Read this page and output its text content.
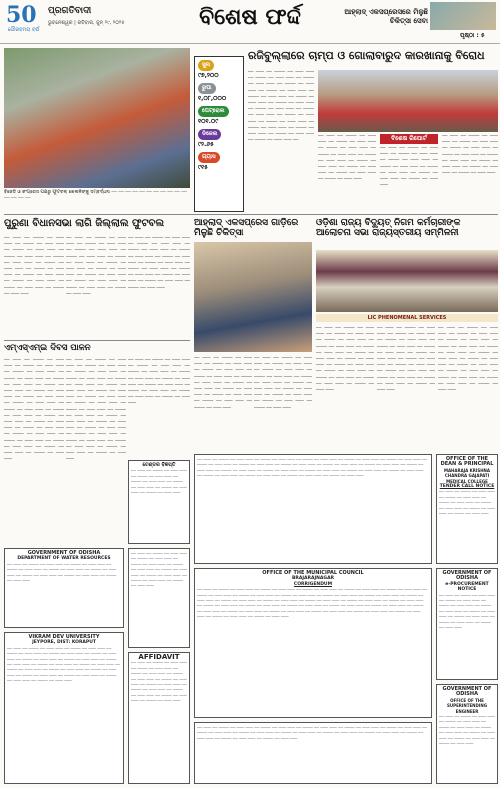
50
ଗୌରବମୟ ବର୍ଷ
ପ୍ରଗତିବାଦୀ
ଭୁବନେଶ୍ୱର | ରବିବାର, ଜୁନ୍ ୨୯, ୨୦୨୫	ବିଶେଷ ଫର୍ଦ୍ଦ	ଆହ୍ଲାଦ୍ ଏକସପ୍ରେସରେ ମିଳୁଛି ଚିକିତ୍ସା ସେବା
ପୃଷ୍ଠା : ୫
ବିଜେଡି ଓ କଂଗ୍ରେସ ପକ୍ଷରୁ ଫୁଟବଲ୍ ଖେଳାଳିଙ୍କୁ ସମ୍ବର୍ଦ୍ଧନା ── ── ── ── ── ── ── ── ── ── ── ── ── ── ──
ସୁନା
୯୭,୨୦୦
ରୁପା
୧,୦୮,୦୦୦
ପେଟ୍ରୋଲ
୧୦୧.୦୯
ଡିଜେଲ
୯୨.୬୫
ଗ୍ୟାସ
୯୧୫
ରଜିବୁଲ୍ଲାରେ ଚାମ୍ପ ଓ ଗୋଲାବାରୁଦ କାରଖାନାକୁ ବିରୋଧ
── ─── ── ──── ── ─── ─── ── ──── ── ─── ─── ── ──── ── ─── ─── ── ──── ── ─── ─── ── ──── ── ─── ─── ── ──── ── ─── ─── ── ──── ── ─── ─── ── ──── ── ─── ─── ── ──── ── ─── ─── ── ──── ── ─── ─── ── ──── ── ─── ─── ── ──── ── ─── ─── ── ──── ── ─── ─── ── ──── ── ─── ─── ── ──── ── ─── ─── ── ──── ── ─── ─── ──
── ─── ── ──── ── ─── ─── ── ──── ── ─── ─── ── ──── ── ─── ─── ── ──── ── ─── ─── ── ──── ── ─── ─── ── ──── ── ─── ─── ── ──── ── ─── ─── ── ──── ── ─── ─── ── ──── ── ─── ───
ବିଶେଷ ରିପୋର୍ଟ
── ─── ── ──── ── ─── ─── ── ──── ── ─── ─── ── ──── ── ─── ─── ── ──── ── ─── ─── ── ──── ── ─── ─── ── ──── ── ─── ─── ── ──── ── ─── ───
── ─── ── ──── ── ─── ─── ── ──── ── ─── ─── ── ──── ── ─── ─── ── ──── ── ─── ─── ── ──── ── ─── ─── ── ──── ── ─── ─── ── ──── ── ─── ─── ── ──── ── ─── ───
ପୁରୁଣା ବିଧାନସଭା ଲାଗି ଜିଲ୍ଲାଲ ଫୁଟବଲ
── ─── ── ──── ── ─── ─── ── ──── ── ─── ─── ── ──── ── ─── ─── ── ──── ── ─── ─── ── ──── ── ─── ─── ── ──── ── ─── ─── ── ──── ── ─── ─── ── ──── ── ─── ─── ── ──── ── ─── ─── ── ──── ── ─── ─── ── ──── ── ─── ───
── ─── ── ──── ── ─── ─── ── ──── ── ─── ─── ── ──── ── ─── ─── ── ──── ── ─── ─── ── ──── ── ─── ─── ── ──── ── ─── ─── ── ──── ── ─── ─── ── ──── ── ─── ─── ── ──── ── ─── ─── ── ──── ── ─── ─── ── ──── ── ─── ───
── ─── ── ──── ── ─── ─── ── ──── ── ─── ─── ── ──── ── ─── ─── ── ──── ── ─── ─── ── ──── ── ─── ─── ── ──── ── ─── ─── ── ──── ── ─── ─── ── ──── ── ─── ─── ── ──── ── ─── ─── ── ──── ── ─── ─── ── ──── ── ─── ───
ଆହ୍ଲାଦ୍ ଏକସପ୍ରେସ ଗାଡ଼ିରେ ମିଳୁଛି ଚିକିତ୍ସା
── ─── ── ──── ── ─── ─── ── ──── ── ─── ─── ── ──── ── ─── ─── ── ──── ── ─── ─── ── ──── ── ─── ─── ── ──── ── ─── ─── ── ──── ── ─── ─── ── ──── ── ─── ─── ── ──── ── ─── ─── ── ──── ── ─── ───
── ─── ── ──── ── ─── ─── ── ──── ── ─── ─── ── ──── ── ─── ─── ── ──── ── ─── ─── ── ──── ── ─── ─── ── ──── ── ─── ─── ── ──── ── ─── ─── ── ──── ── ─── ─── ── ──── ── ─── ─── ── ──── ── ─── ───
ଓଡ଼ିଶା ରାଜ୍ୟ ବିଦ୍ୟୁତ୍ ନିଗମ କର୍ମଚାରୀଙ୍କ ଆଲୋଚନା ସଭା ରାଜ୍ୟସ୍ତରୀୟ ସମ୍ମିଳନୀ
LIC PHENOMENAL SERVICES
── ─── ── ──── ── ─── ─── ── ──── ── ─── ─── ── ──── ── ─── ─── ── ──── ── ─── ─── ── ──── ── ─── ─── ── ──── ── ─── ─── ── ──── ── ─── ─── ── ──── ── ─── ─── ── ──── ── ─── ─── ── ──── ── ─── ─── ── ──── ── ─── ─── ── ──── ── ─── ───
── ─── ── ──── ── ─── ─── ── ──── ── ─── ─── ── ──── ── ─── ─── ── ──── ── ─── ─── ── ──── ── ─── ─── ── ──── ── ─── ─── ── ──── ── ─── ─── ── ──── ── ─── ─── ── ──── ── ─── ─── ── ──── ── ─── ─── ── ──── ── ─── ─── ── ──── ── ─── ───
── ─── ── ──── ── ─── ─── ── ──── ── ─── ─── ── ──── ── ─── ─── ── ──── ── ─── ─── ── ──── ── ─── ─── ── ──── ── ─── ─── ── ──── ── ─── ─── ── ──── ── ─── ─── ── ──── ── ─── ─── ── ──── ── ─── ─── ── ──── ── ─── ─── ── ──── ── ─── ───
ଏମ୍‌ଏସ୍‌ଏମ୍‌ଇ ଦିବସ ପାଳନ
── ─── ── ──── ── ─── ─── ── ──── ── ─── ─── ── ──── ── ─── ─── ── ──── ── ─── ─── ── ──── ── ─── ─── ── ──── ── ─── ─── ── ──── ── ─── ─── ── ──── ── ─── ─── ── ──── ── ─── ─── ── ──── ── ─── ─── ── ──── ── ─── ─── ── ──── ── ─── ─── ── ──── ── ─── ─── ── ──── ── ─── ─── ── ──── ── ─── ─── ── ──── ── ─── ─── ── ──── ── ─── ─── ── ──── ── ─── ─── ── ──── ── ─── ───
── ─── ── ──── ── ─── ─── ── ──── ── ─── ─── ── ──── ── ─── ─── ── ──── ── ─── ─── ── ──── ── ─── ─── ── ──── ── ─── ─── ── ──── ── ─── ─── ── ──── ── ─── ─── ── ──── ── ─── ─── ── ──── ── ─── ─── ── ──── ── ─── ─── ── ──── ── ─── ─── ── ──── ── ─── ─── ── ──── ── ─── ─── ── ──── ── ─── ─── ── ──── ── ─── ─── ── ──── ── ─── ─── ── ──── ── ─── ─── ── ──── ── ─── ───
── ─── ── ──── ── ─── ─── ── ──── ── ─── ─── ── ──── ── ─── ─── ── ──── ── ─── ─── ── ──── ── ─── ─── ── ──── ── ─── ─── ── ──── ── ─── ─── ── ──── ── ─── ─── ── ──── ── ─── ───
ଟେଣ୍ଡର ବିଜ୍ଞପ୍ତି
── ─── ── ──── ── ─── ─── ── ──── ── ─── ─── ── ──── ── ─── ─── ── ──── ── ─── ─── ── ──── ── ─── ─── ── ──── ── ─── ───
GOVERNMENT OF ODISHA
DEPARTMENT OF WATER RESOURCES
── ─── ── ──── ── ─── ─── ── ──── ── ─── ─── ── ──── ── ─── ─── ── ──── ── ─── ─── ── ──── ── ─── ─── ── ──── ── ─── ─── ── ──── ── ─── ─── ── ──── ── ─── ───
VIKRAM DEV UNIVERSITY
JEYPORE, DIST: KORAPUT
── ─── ── ──── ── ─── ─── ── ──── ── ─── ─── ── ──── ── ─── ─── ── ──── ── ─── ─── ── ──── ── ─── ─── ── ──── ── ─── ─── ── ──── ── ─── ─── ── ──── ── ─── ─── ── ──── ── ─── ─── ── ──── ── ─── ─── ── ──── ── ─── ─── ── ──── ── ─── ─── ── ──── ── ─── ─── ── ──── ── ─── ─── ── ──── ── ─── ─── ── ──── ── ─── ─── ── ──── ── ─── ───
── ─── ── ──── ── ─── ─── ── ──── ── ─── ─── ── ──── ── ─── ─── ── ──── ── ─── ─── ── ──── ── ─── ─── ── ──── ── ─── ─── ── ──── ── ─── ─── ── ──── ── ─── ───
AFFIDAVIT
── ─── ── ──── ── ─── ─── ── ──── ── ─── ─── ── ──── ── ─── ─── ── ──── ── ─── ─── ── ──── ── ─── ─── ── ──── ── ─── ─── ── ──── ── ─── ─── ── ──── ── ─── ─── ── ──── ── ─── ─── ── ──── ── ─── ───
── ─── ── ──── ── ─── ─── ── ──── ── ─── ─── ── ──── ── ─── ─── ── ──── ── ─── ─── ── ──── ── ─── ─── ── ──── ── ─── ─── ── ──── ── ─── ─── ── ──── ── ─── ─── ── ──── ── ─── ─── ── ──── ── ─── ─── ── ──── ── ─── ─── ── ──── ── ─── ─── ── ──── ── ─── ─── ── ──── ── ─── ─── ── ──── ── ─── ─── ── ──── ── ─── ─── ── ──── ── ─── ─── ── ──── ── ─── ─── ── ──── ── ─── ─── ── ──── ── ─── ───
OFFICE OF THE MUNICIPAL COUNCIL
BRAJARAJNAGAR
CORRIGENDUM
── ─── ── ──── ── ─── ─── ── ──── ── ─── ─── ── ──── ── ─── ─── ── ──── ── ─── ─── ── ──── ── ─── ─── ── ──── ── ─── ─── ── ──── ── ─── ─── ── ──── ── ─── ─── ── ──── ── ─── ─── ── ──── ── ─── ─── ── ──── ── ─── ─── ── ──── ── ─── ─── ── ──── ── ─── ─── ── ──── ── ─── ─── ── ──── ── ─── ─── ── ──── ── ─── ─── ── ──── ── ─── ─── ── ──── ── ─── ─── ── ──── ── ─── ─── ── ──── ── ─── ─── ── ──── ── ─── ─── ── ──── ── ─── ─── ── ──── ── ─── ─── ── ──── ── ─── ─── ── ──── ── ─── ─── ── ──── ── ─── ─── ── ──── ── ─── ─── ── ──── ── ─── ─── ── ──── ── ─── ───
── ─── ── ──── ── ─── ─── ── ──── ── ─── ─── ── ──── ── ─── ─── ── ──── ── ─── ─── ── ──── ── ─── ─── ── ──── ── ─── ─── ── ──── ── ─── ─── ── ──── ── ─── ─── ── ──── ── ─── ─── ── ──── ── ─── ─── ── ──── ── ─── ─── ── ──── ── ─── ─── ── ──── ── ─── ───
OFFICE OF THE DEAN & PRINCIPAL
MAHARAJA KRISHNA CHANDRA GAJAPATI MEDICAL COLLEGE
TENDER CALL NOTICE
── ─── ── ──── ── ─── ─── ── ──── ── ─── ─── ── ──── ── ─── ─── ── ──── ── ─── ─── ── ──── ── ─── ─── ── ──── ── ─── ───
GOVERNMENT OF ODISHA
e-PROCUREMENT NOTICE
── ─── ── ──── ── ─── ─── ── ──── ── ─── ─── ── ──── ── ─── ─── ── ──── ── ─── ─── ── ──── ── ─── ─── ── ──── ── ─── ─── ── ──── ── ─── ─── ── ──── ── ─── ───
GOVERNMENT OF ODISHA
OFFICE OF THE SUPERINTENDING ENGINEER
── ─── ── ──── ── ─── ─── ── ──── ── ─── ─── ── ──── ── ─── ─── ── ──── ── ─── ─── ── ──── ── ─── ─── ── ──── ── ─── ─── ── ──── ── ─── ───
